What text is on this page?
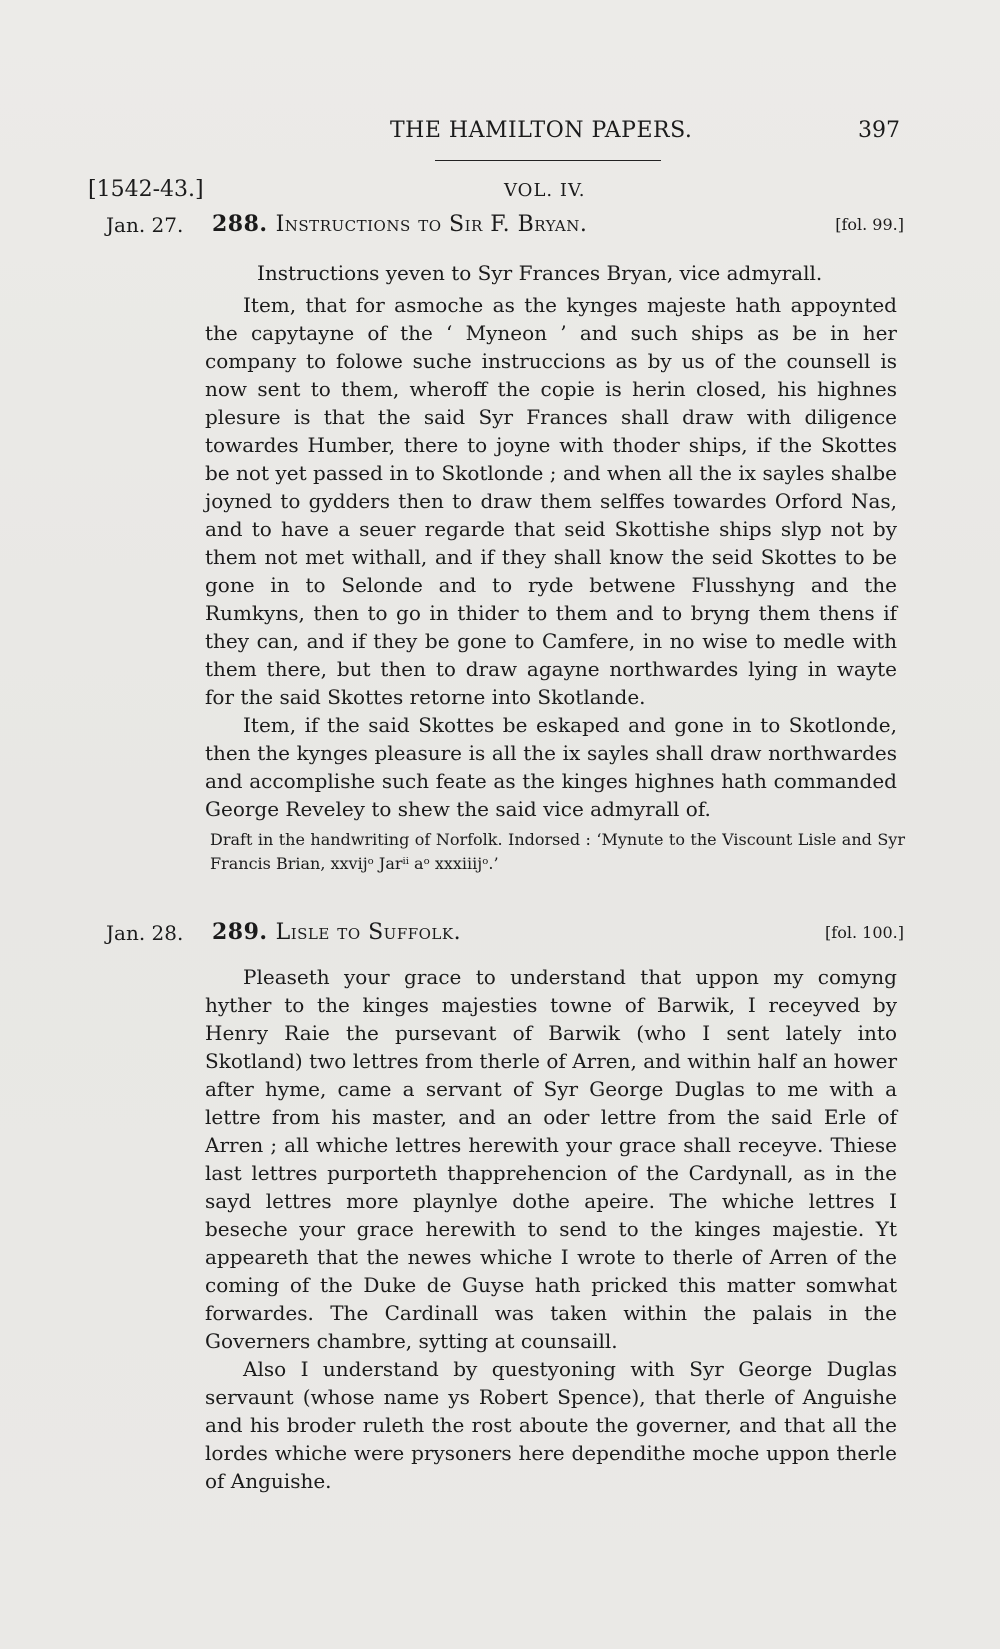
THE HAMILTON PAPERS.	397
[1542-43.]	VOL. IV.
Jan. 27. 288. Instructions to Sir F. Bryan.	[fol. 99.]

Instructions yeven to Syr Frances Bryan, vice admyrall.

Item, that for asmoche as the kynges majeste hath appoynted the capytayne of the ‘ Myneon ’ and such ships as be in her company to folowe suche instruccions as by us of the counsell is now sent to them, wheroff the copie is herin closed, his highnes plesure is that the said Syr Frances shall draw with diligence towardes Humber, there to joyne with thoder ships, if the Skottes be not yet passed in to Skotlonde ; and when all the ix sayles shalbe joyned to gydders then to draw them selffes towardes Orford Nas, and to have a seuer regarde that seid Skottishe ships slyp not by them not met withall, and if they shall know the seid Skottes to be gone in to Selonde and to ryde betwene Flusshyng and the Rumkyns, then to go in thider to them and to bryng them thens if they can, and if they be gone to Camfere, in no wise to medle with them there, but then to draw agayne northwardes lying in wayte for the said Skottes retorne into Skotlande.

Item, if the said Skottes be eskaped and gone in to Skotlonde, then the kynges pleasure is all the ix sayles shall draw northwardes and accomplishe such feate as the kinges highnes hath commanded George Reveley to shew the said vice admyrall of.

Draft in the handwriting of Norfolk. Indorsed : ‘Mynute to the Viscount Lisle and Syr Francis Brian, xxvijᵒ Jarⁱⁱ aᵒ xxxiiijᵒ.’

Jan. 28. 289. Lisle to Suffolk.	[fol. 100.]

Pleaseth your grace to understand that uppon my comyng hyther to the kinges majesties towne of Barwik, I receyved by Henry Raie the pursevant of Barwik (who I sent lately into Skotland) two lettres from therle of Arren, and within half an hower after hyme, came a servant of Syr George Duglas to me with a lettre from his master, and an oder lettre from the said Erle of Arren ; all whiche lettres herewith your grace shall receyve. Thiese last lettres purporteth thapprehencion of the Cardynall, as in the sayd lettres more playnlye dothe apeire. The whiche lettres I beseche your grace herewith to send to the kinges majestie. Yt appeareth that the newes whiche I wrote to therle of Arren of the coming of the Duke de Guyse hath pricked this matter somwhat forwardes. The Cardinall was taken within the palais in the Governers chambre, sytting at counsaill.

Also I understand by questyoning with Syr George Duglas servaunt (whose name ys Robert Spence), that therle of Anguishe and his broder ruleth the rost aboute the governer, and that all the lordes whiche were prysoners here dependithe moche uppon therle of Anguishe.
